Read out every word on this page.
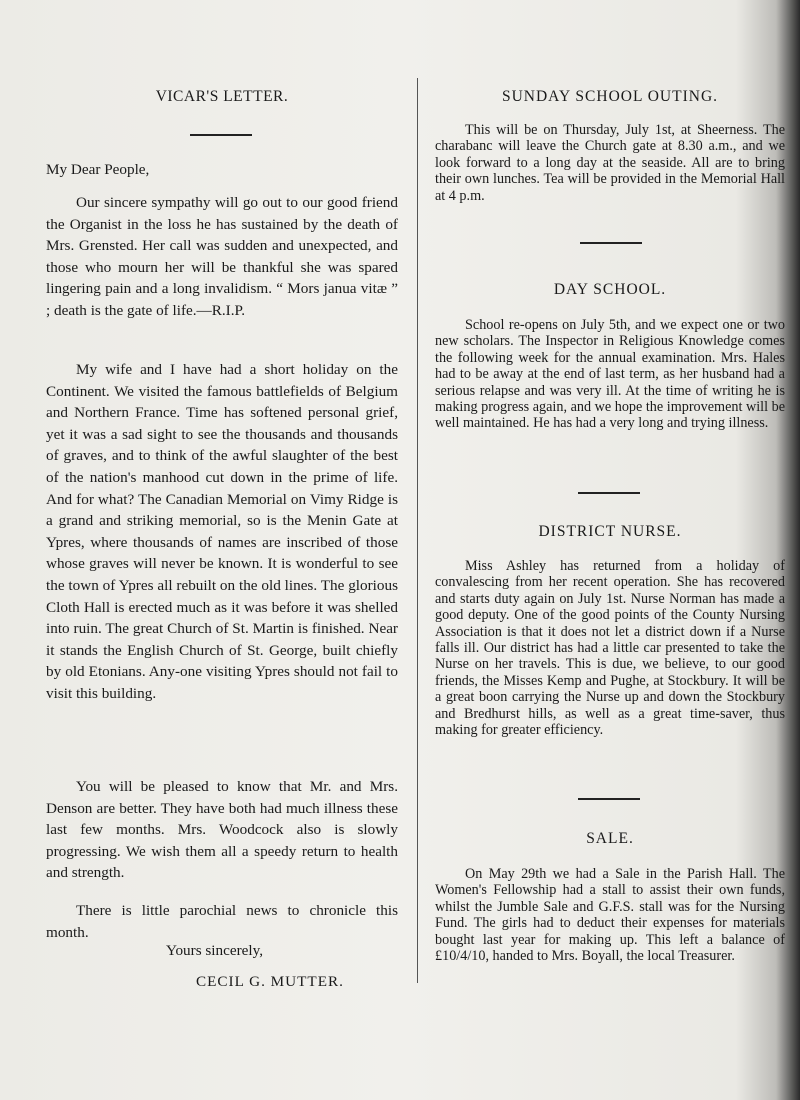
VICAR'S LETTER.

My Dear People,

Our sincere sympathy will go out to our good friend the Organist in the loss he has sustained by the death of Mrs. Grensted. Her call was sudden and unexpected, and those who mourn her will be thankful she was spared lingering pain and a long invalidism. “ Mors janua vitæ ” ; death is the gate of life.—R.I.P.

My wife and I have had a short holiday on the Continent. We visited the famous battlefields of Belgium and Northern France. Time has softened personal grief, yet it was a sad sight to see the thousands and thousands of graves, and to think of the awful slaughter of the best of the nation's manhood cut down in the prime of life. And for what? The Canadian Memorial on Vimy Ridge is a grand and striking memorial, so is the Menin Gate at Ypres, where thousands of names are inscribed of those whose graves will never be known. It is wonderful to see the town of Ypres all rebuilt on the old lines. The glorious Cloth Hall is erected much as it was before it was shelled into ruin. The great Church of St. Martin is finished. Near it stands the English Church of St. George, built chiefly by old Etonians. Any-one visiting Ypres should not fail to visit this building.

You will be pleased to know that Mr. and Mrs. Denson are better. They have both had much illness these last few months. Mrs. Woodcock also is slowly progressing. We wish them all a speedy return to health and strength.

There is little parochial news to chronicle this month.

Yours sincerely,
CECIL G. MUTTER.
SUNDAY SCHOOL OUTING.

This will be on Thursday, July 1st, at Sheerness. The charabanc will leave the Church gate at 8.30 a.m., and we look forward to a long day at the seaside. All are to bring their own lunches. Tea will be provided in the Memorial Hall at 4 p.m.

DAY SCHOOL.

School re-opens on July 5th, and we expect one or two new scholars. The Inspector in Religious Knowledge comes the following week for the annual examination. Mrs. Hales had to be away at the end of last term, as her husband had a serious relapse and was very ill. At the time of writing he is making progress again, and we hope the improvement will be well maintained. He has had a very long and trying illness.

DISTRICT NURSE.

Miss Ashley has returned from a holiday of convalescing from her recent operation. She has recovered and starts duty again on July 1st. Nurse Norman has made a good deputy. One of the good points of the County Nursing Association is that it does not let a district down if a Nurse falls ill. Our district has had a little car presented to take the Nurse on her travels. This is due, we believe, to our good friends, the Misses Kemp and Pughe, at Stockbury. It will be a great boon carrying the Nurse up and down the Stockbury and Bredhurst hills, as well as a great time-saver, thus making for greater efficiency.

SALE.

On May 29th we had a Sale in the Parish Hall. The Women's Fellowship had a stall to assist their own funds, whilst the Jumble Sale and G.F.S. stall was for the Nursing Fund. The girls had to deduct their expenses for materials bought last year for making up. This left a balance of £10/4/10, handed to Mrs. Boyall, the local Treasurer.
